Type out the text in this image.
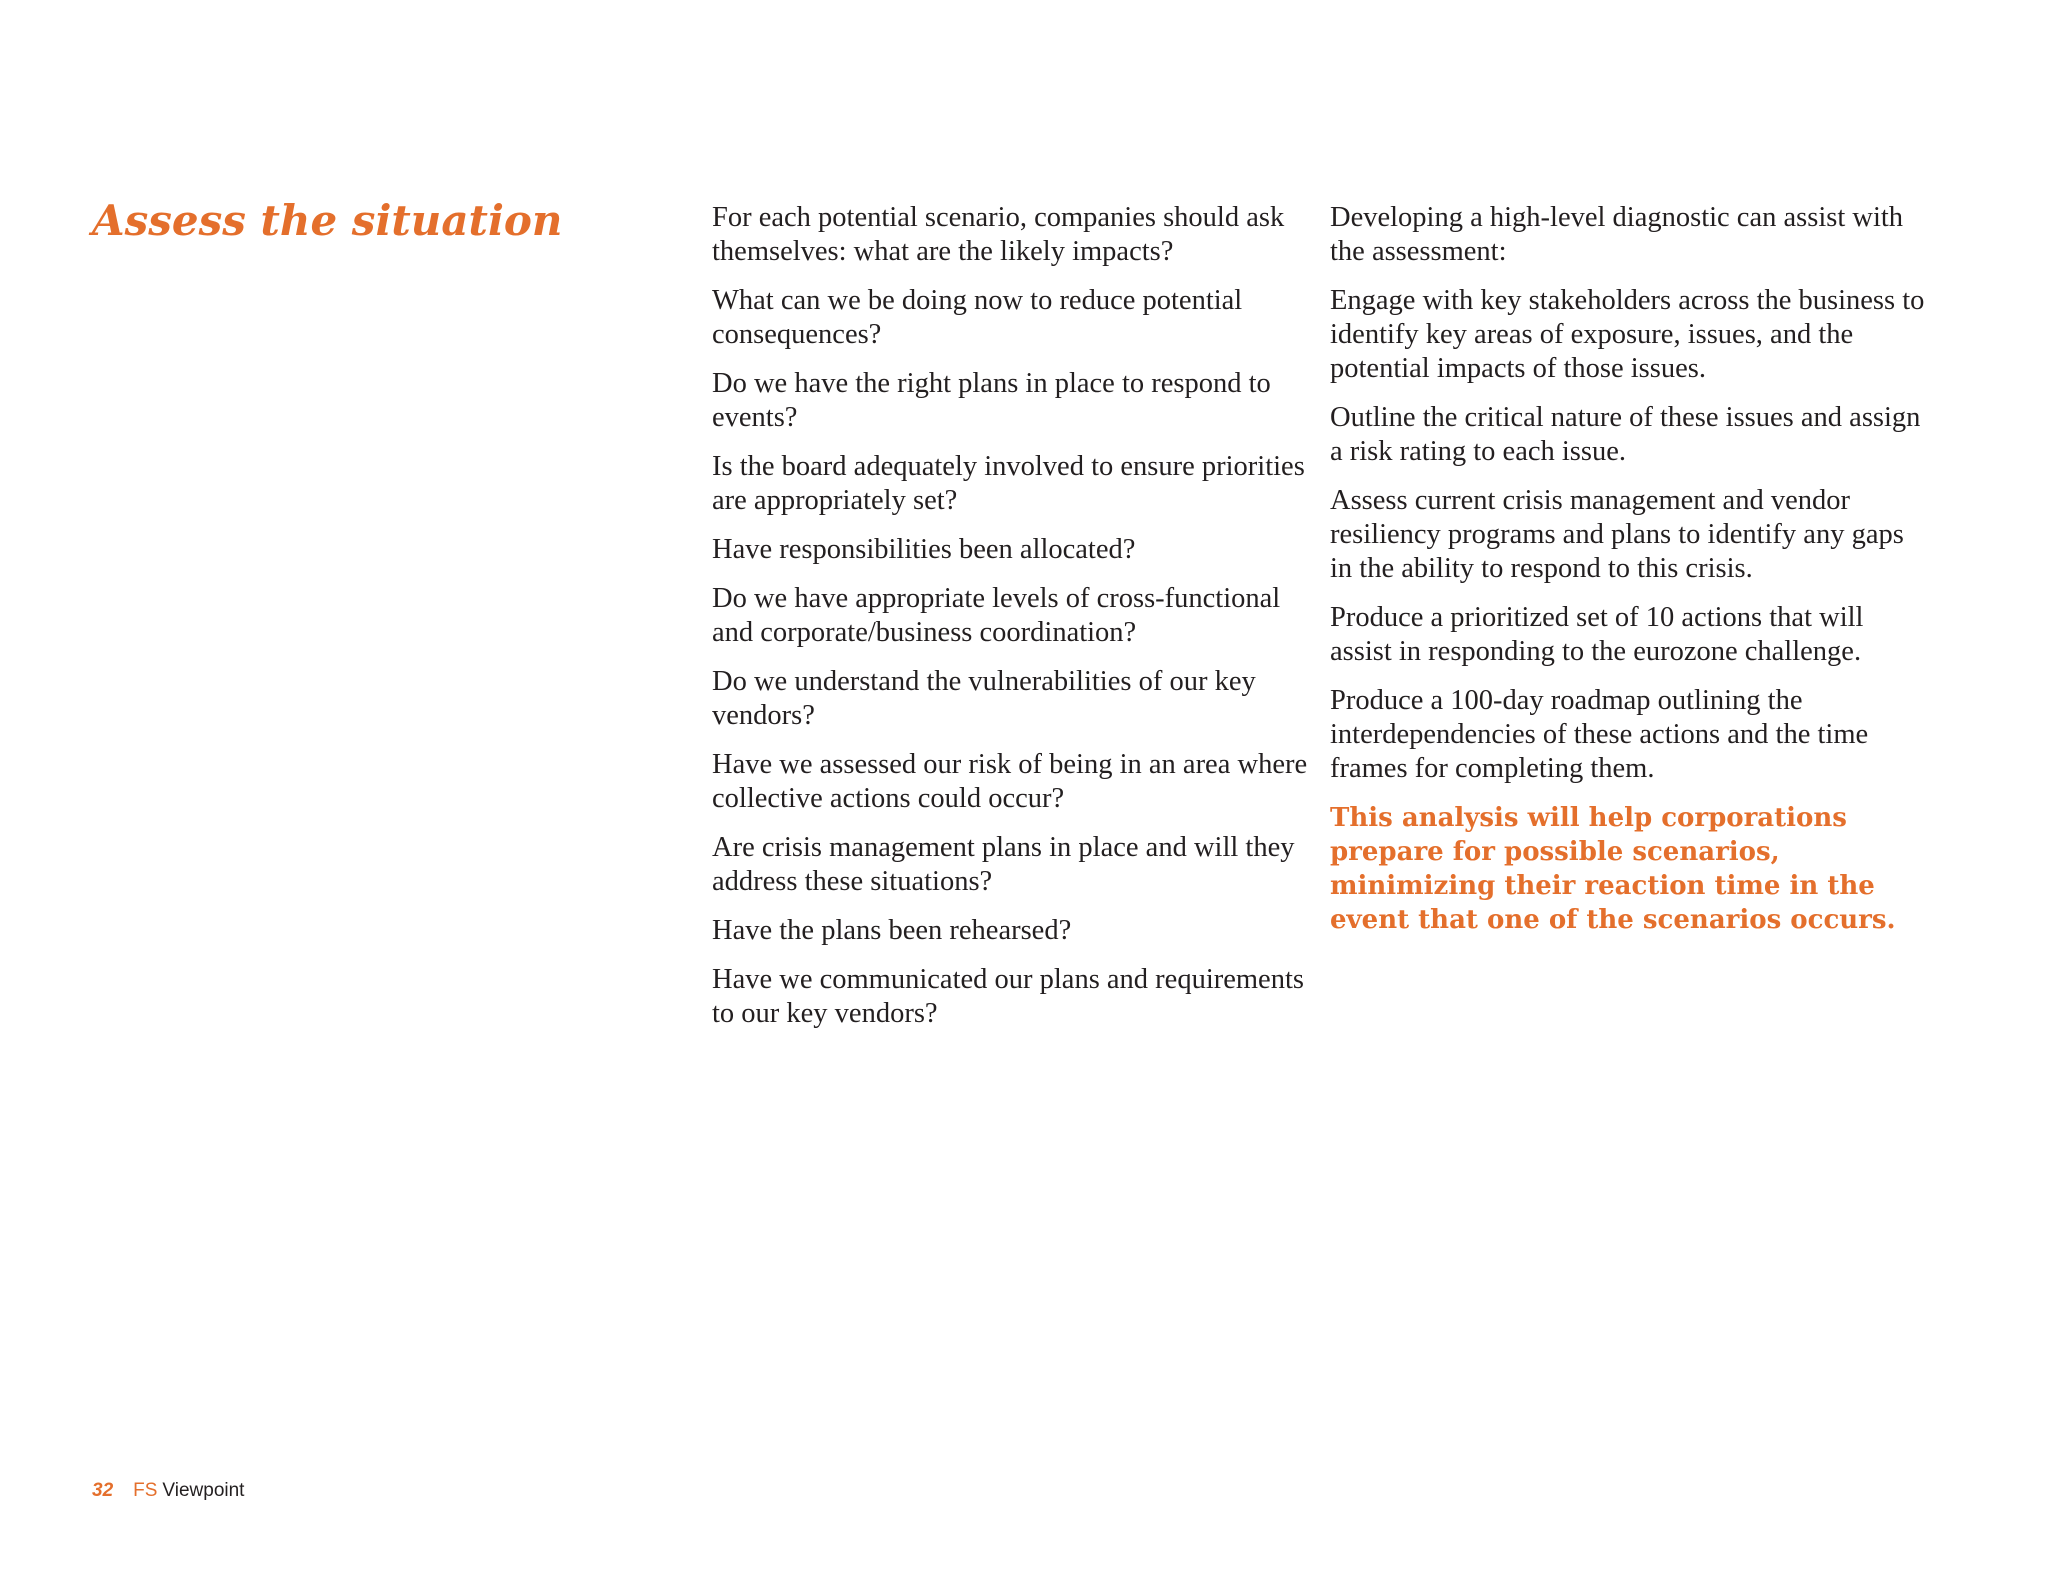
Assess the situation	For each potential scenario, companies should ask themselves: what are the likely impacts?

What can we be doing now to reduce potential consequences?

Do we have the right plans in place to respond to events?

Is the board adequately involved to ensure priorities are appropriately set?

Have responsibilities been allocated?

Do we have appropriate levels of cross-functional and corporate/business coordination?

Do we understand the vulnerabilities of our key vendors?

Have we assessed our risk of being in an area where collective actions could occur?

Are crisis management plans in place and will they address these situations?

Have the plans been rehearsed?

Have we communicated our plans and requirements to our key vendors?

Developing a high-level diagnostic can assist with the assessment:

Engage with key stakeholders across the business to identify key areas of exposure, issues, and the potential impacts of those issues.

Outline the critical nature of these issues and assign a risk rating to each issue.

Assess current crisis management and vendor resiliency programs and plans to identify any gaps in the ability to respond to this crisis.

Produce a prioritized set of 10 actions that will assist in responding to the eurozone challenge.

Produce a 100-day roadmap outlining the interdependencies of these actions and the time frames for completing them.

This analysis will help corporations prepare for possible scenarios, minimizing their reaction time in the event that one of the scenarios occurs.

32 FS Viewpoint
